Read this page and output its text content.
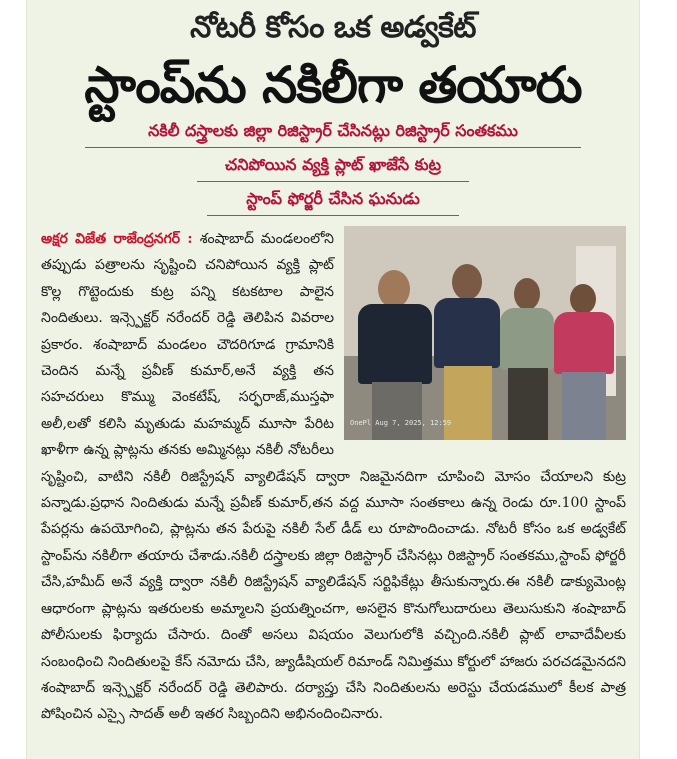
నోటరీ కోసం ఒక అడ్వకేట్
స్టాంప్‌ను నకిలీగా తయారు
నకిలీ దస్త్రాలకు జిల్లా రిజిస్ట్రార్ చేసినట్లు రిజిస్ట్రార్ సంతకము
చనిపోయిన వ్యక్తి ప్లాట్ ఖాజేసే కుట్ర
స్టాంప్ ఫోర్జరీ చేసిన ఘనుడు
OnePl Aug 7, 2025, 12:59
అక్షర విజేత రాజేంద్రనగర్ : శంషాబాద్ మండలంలోని తప్పుడు పత్రాలను సృష్టించి చనిపోయిన వ్యక్తి ప్లాట్ కొల్ల గొట్టెందుకు కుట్ర పన్ని కటకటాల పాలైన నిందితులు. ఇన్స్పెక్టర్ నరేందర్ రెడ్డి తెలిపిన వివరాల ప్రకారం. శంషాబాద్ మండలం చౌదరిగూడ గ్రామానికి చెందిన మన్నే ప్రవీణ్ కుమార్,అనే వ్యక్తి తన సహచరులు కొమ్ము వెంకటేష్, సర్ఫరాజ్,ముస్తఫా అలీ,లతో కలిసి మృతుడు మహమ్మద్ మూసా పేరిట ఖాళీగా ఉన్న ప్లాట్లను తనకు అమ్మినట్లు నకిలీ నోటరీలు సృష్టించి, వాటిని నకిలీ రిజిస్ట్రేషన్ వ్యాలిడేషన్ ద్వారా నిజమైనదిగా చూపించి మోసం చేయాలని కుట్ర పన్నాడు.ప్రధాన నిందితుడు మన్నే ప్రవీణ్ కుమార్,తన వద్ద మూసా సంతకాలు ఉన్న రెండు రూ.100 స్టాంప్ పేపర్లను ఉపయోగించి, ప్లాట్లను తన పేరుపై నకిలీ సేల్ డీడ్ లు రూపొందించాడు. నోటరీ కోసం ఒక అడ్వకేట్ స్టాంప్‌ను నకిలీగా తయారు చేశాడు.నకిలీ దస్త్రాలకు జిల్లా రిజిస్ట్రార్ చేసినట్లు రిజిస్ట్రార్ సంతకము,స్టాంప్ ఫోర్జరీ చేసి,హమీద్ అనే వ్యక్తి ద్వారా నకిలీ రిజిస్ట్రేషన్ వ్యాలిడేషన్ సర్టిఫికేట్లు తీసుకున్నారు.ఈ నకిలీ డాక్యుమెంట్ల ఆధారంగా ప్లాట్లను ఇతరులకు అమ్మాలని ప్రయత్నించగా, అసలైన కొనుగోలుదారులు తెలుసుకుని శంషాబాద్ పోలీసులకు ఫిర్యాదు చేసారు. దింతో అసలు విషయం వెలుగులోకి వచ్చింది.నకిలీ ప్లాట్ లావాదేవీలకు సంబంధించి నిందితులపై కేస్ నమోదు చేసి, జ్యుడీషియల్ రిమాండ్ నిమిత్తము కోర్టులో హాజరు పరచడమైనదని శంషాబాద్ ఇన్స్పెక్టర్ నరేందర్ రెడ్డి తెలిపారు. దర్యాప్తు చేసి నిందితులను అరెస్టు చేయడములో కీలక పాత్ర పోషించిన ఎస్సై సాదత్ అలీ ఇతర సిబ్బందిని అభినందించినారు.
